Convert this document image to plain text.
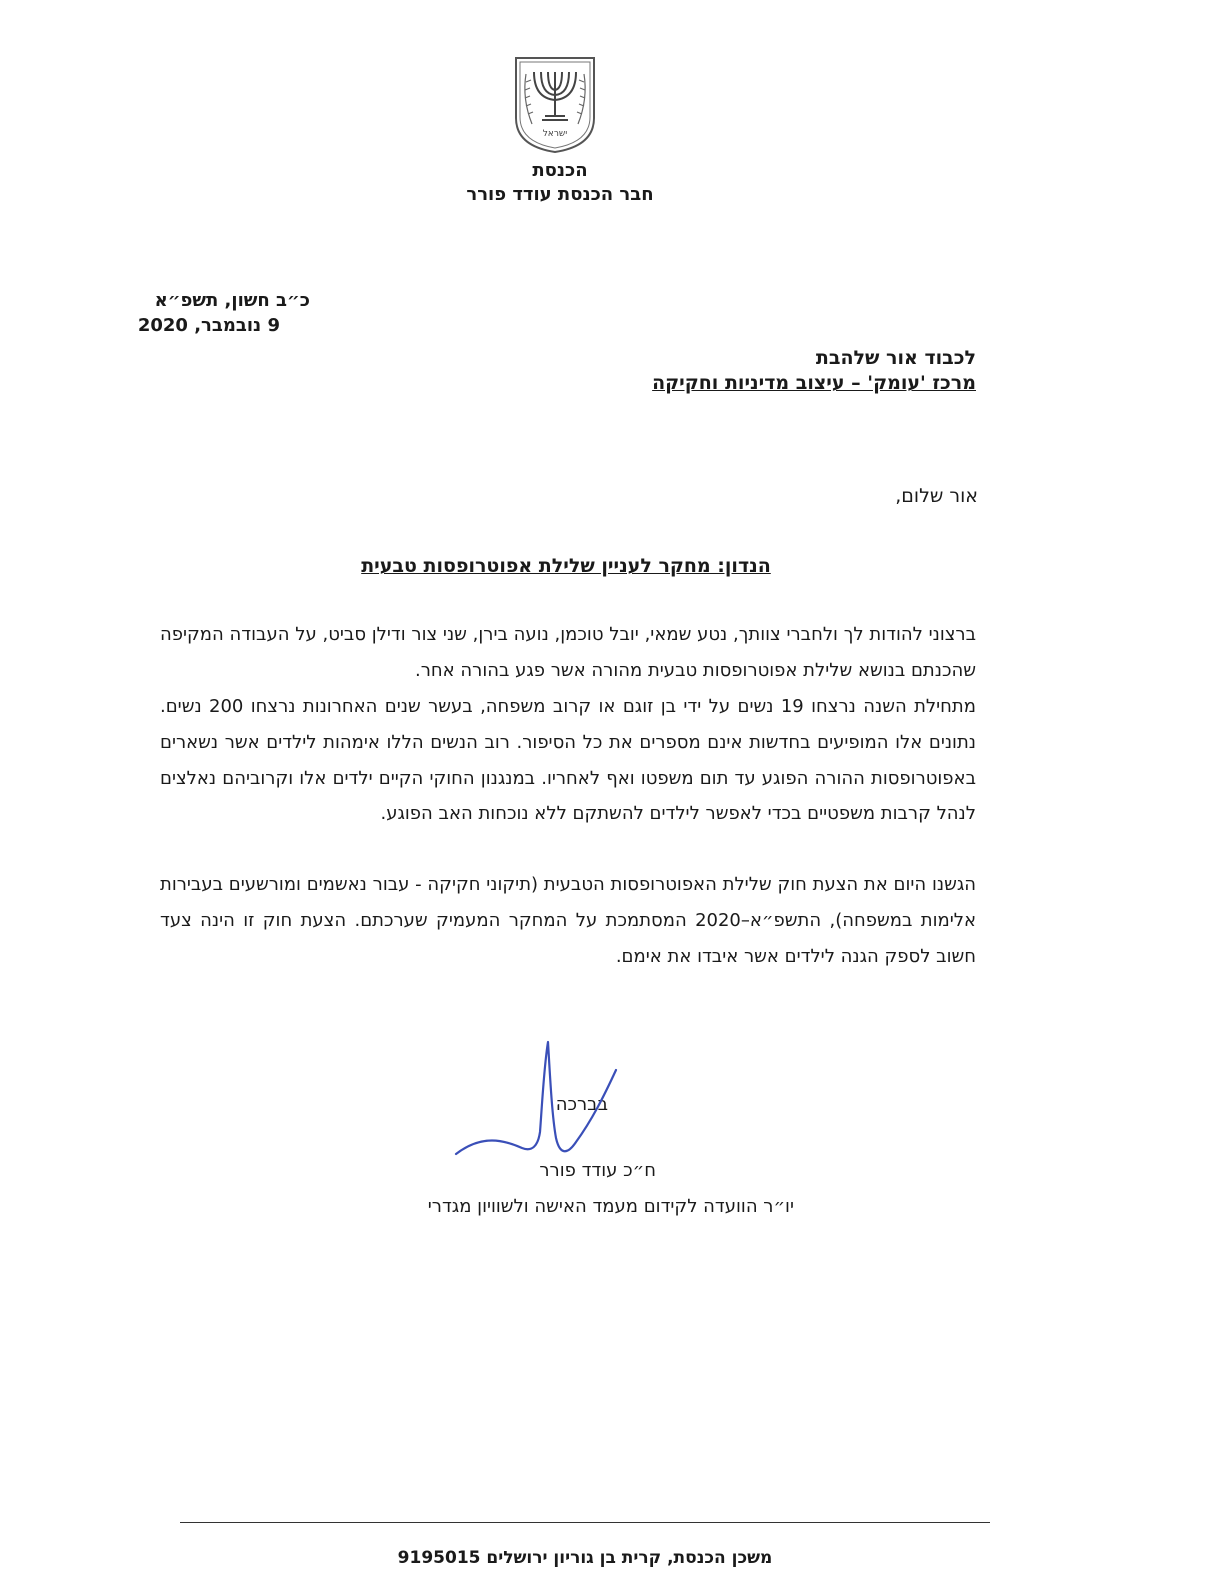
ישראל
הכנסת
חבר הכנסת עודד פורר
כ״ב חשון, תשפ״א
9 נובמבר, 2020
לכבוד אור שלהבת
מרכז 'עומק' – עיצוב מדיניות וחקיקה
אור שלום,
הנדון: מחקר לעניין שלילת אפוטרופסות טבעית
ברצוני להודות לך ולחברי צוותך, נטע שמאי, יובל טוכמן, נועה בירן, שני צור ודילן סביט, על העבודה המקיפה שהכנתם בנושא שלילת אפוטרופסות טבעית מהורה אשר פגע בהורה אחר.
מתחילת השנה נרצחו 19 נשים על ידי בן זוגם או קרוב משפחה, בעשר שנים האחרונות נרצחו 200 נשים. נתונים אלו המופיעים בחדשות אינם מספרים את כל הסיפור. רוב הנשים הללו אימהות לילדים אשר נשארים באפוטרופסות ההורה הפוגע עד תום משפטו ואף לאחריו. במנגנון החוקי הקיים ילדים אלו וקרוביהם נאלצים לנהל קרבות משפטיים בכדי לאפשר לילדים להשתקם ללא נוכחות האב הפוגע.
הגשנו היום את הצעת חוק שלילת האפוטרופסות הטבעית (תיקוני חקיקה - עבור נאשמים ומורשעים בעבירות אלימות במשפחה), התשפ״א–2020 המסתמכת על המחקר המעמיק שערכתם. הצעת חוק זו הינה צעד חשוב לספק הגנה לילדים אשר איבדו את אימם.
בברכה
ח״כ עודד פורר
יו״ר הוועדה לקידום מעמד האישה ולשוויון מגדרי
משכן הכנסת, קרית בן גוריון ירושלים 9195015
